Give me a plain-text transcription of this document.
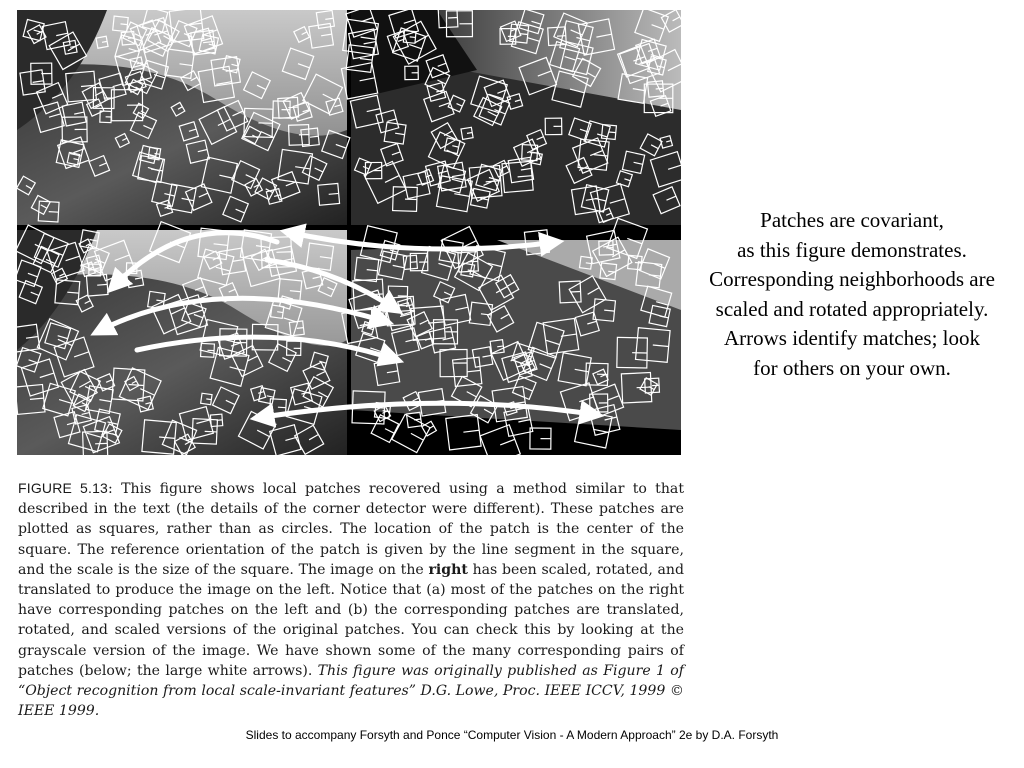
Patches are covariant,
as this figure demonstrates.
Corresponding neighborhoods are
scaled and rotated appropriately.
Arrows identify matches; look
for others on your own.
FIGURE 5.13: This figure shows local patches recovered using a method similar to that described in the text (the details of the corner detector were different). These patches are plotted as squares, rather than as circles. The location of the patch is the center of the square. The reference orientation of the patch is given by the line segment in the square, and the scale is the size of the square. The image on the right has been scaled, rotated, and translated to produce the image on the left. Notice that (a) most of the patches on the right have corresponding patches on the left and (b) the corresponding patches are translated, rotated, and scaled versions of the original patches. You can check this by looking at the grayscale version of the image. We have shown some of the many corresponding pairs of patches (below; the large white arrows). This figure was originally published as Figure 1 of “Object recognition from local scale-invariant features” D.G. Lowe, Proc. IEEE ICCV, 1999 © IEEE 1999.
Slides to accompany Forsyth and Ponce “Computer Vision - A Modern Approach” 2e by D.A. Forsyth
